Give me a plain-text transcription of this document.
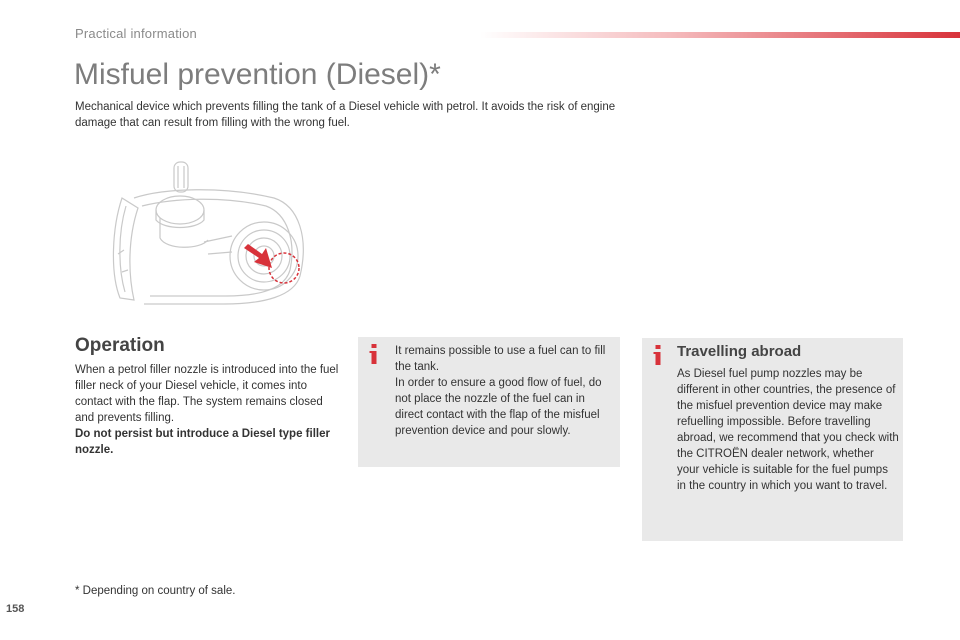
Practical information
Misfuel prevention (Diesel)*
Mechanical device which prevents filling the tank of a Diesel vehicle with petrol. It avoids the risk of engine damage that can result from filling with the wrong fuel.
Operation

When a petrol filler nozzle is introduced into the fuel filler neck of your Diesel vehicle, it comes into contact with the flap. The system remains closed and prevents filling.

Do not persist but introduce a Diesel type filler nozzle.

It remains possible to use a fuel can to fill the tank.

In order to ensure a good flow of fuel, do not place the nozzle of the fuel can in direct contact with the flap of the misfuel prevention device and pour slowly.

Travelling abroad

As Diesel fuel pump nozzles may be different in other countries, the presence of the misfuel prevention device may make refuelling impossible. Before travelling abroad, we recommend that you check with the CITROËN dealer network, whether your vehicle is suitable for the fuel pumps in the country in which you want to travel.

* Depending on country of sale.
158
